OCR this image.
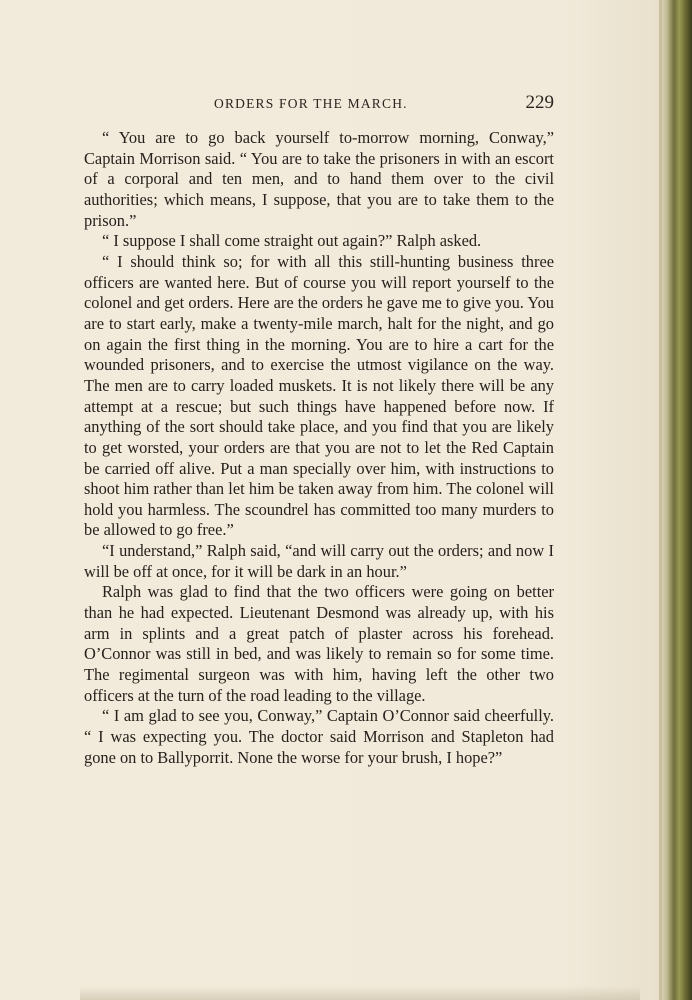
ORDERS FOR THE MARCH.	229

“ You are to go back yourself to-morrow morning, Conway,” Captain Morrison said. “ You are to take the prisoners in with an escort of a corporal and ten men, and to hand them over to the civil authorities; which means, I suppose, that you are to take them to the prison.”

“ I suppose I shall come straight out again?” Ralph asked.

“ I should think so; for with all this still-hunting business three officers are wanted here. But of course you will report yourself to the colonel and get orders. Here are the orders he gave me to give you. You are to start early, make a twenty-mile march, halt for the night, and go on again the first thing in the morning. You are to hire a cart for the wounded prisoners, and to exercise the utmost vigilance on the way. The men are to carry loaded muskets. It is not likely there will be any attempt at a rescue; but such things have happened before now. If anything of the sort should take place, and you find that you are likely to get worsted, your orders are that you are not to let the Red Captain be carried off alive. Put a man specially over him, with instructions to shoot him rather than let him be taken away from him. The colonel will hold you harmless. The scoundrel has committed too many murders to be allowed to go free.”

“I understand,” Ralph said, “and will carry out the orders; and now I will be off at once, for it will be dark in an hour.”

Ralph was glad to find that the two officers were going on better than he had expected. Lieutenant Desmond was already up, with his arm in splints and a great patch of plaster across his forehead. O’Connor was still in bed, and was likely to remain so for some time. The regimental surgeon was with him, having left the other two officers at the turn of the road leading to the village.

“ I am glad to see you, Conway,” Captain O’Connor said cheerfully. “ I was expecting you. The doctor said Morrison and Stapleton had gone on to Ballyporrit. None the worse for your brush, I hope?”
